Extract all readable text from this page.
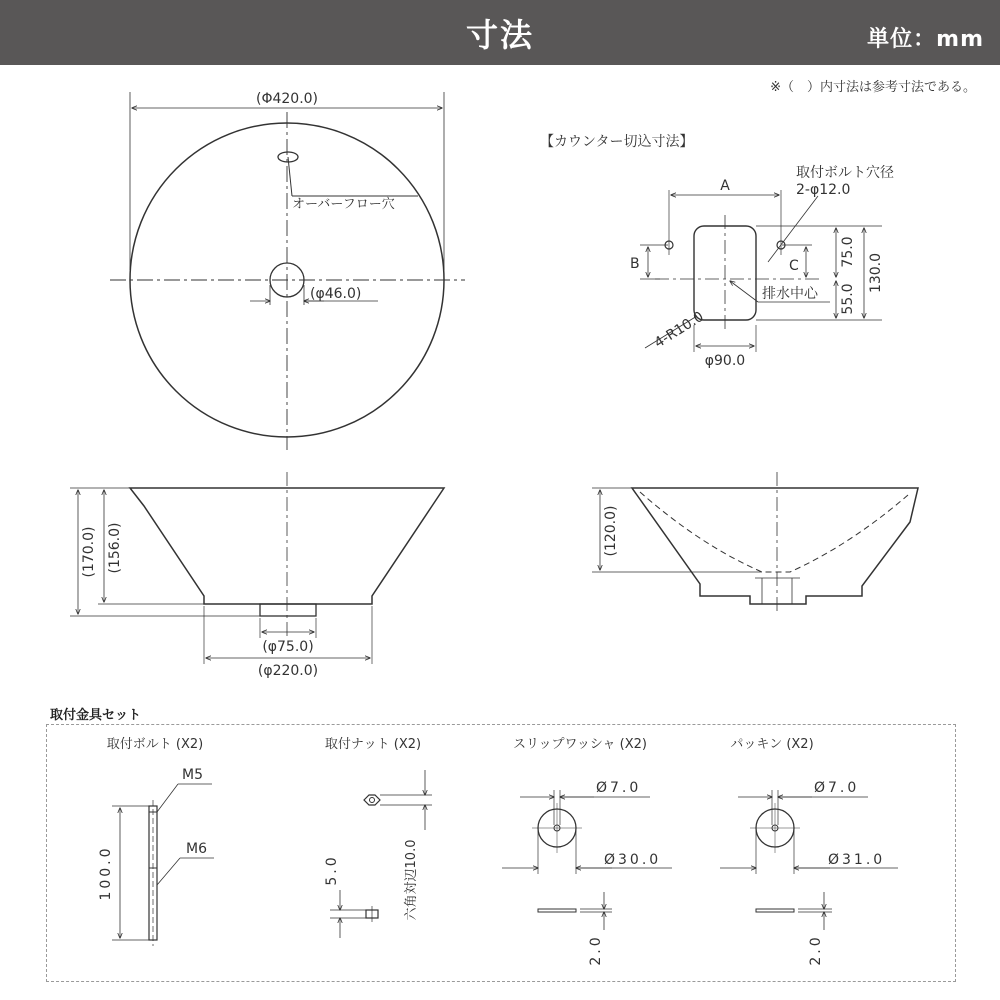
寸法	単位：mm
※（　）内寸法は参考寸法である。
取付金具セット
(Φ420.0)
オーバーフロー穴
(φ46.0)
【カウンター切込寸法】
A
B	C
取付ボルト穴径
2-φ12.0
排水中心
φ90.0
4-R10.0
75.0
55.0
130.0
(170.0) (156.0)
(φ75.0)
(φ220.0)
(120.0)
取付ボルト (X2)	取付ナット (X2)	スリップワッシャ (X2)	パッキン (X2)
M5
M6
100.0	六角対辺10.0
5.0
Ø7.0
Ø30.0
2.0
Ø7.0
Ø31.0
2.0
